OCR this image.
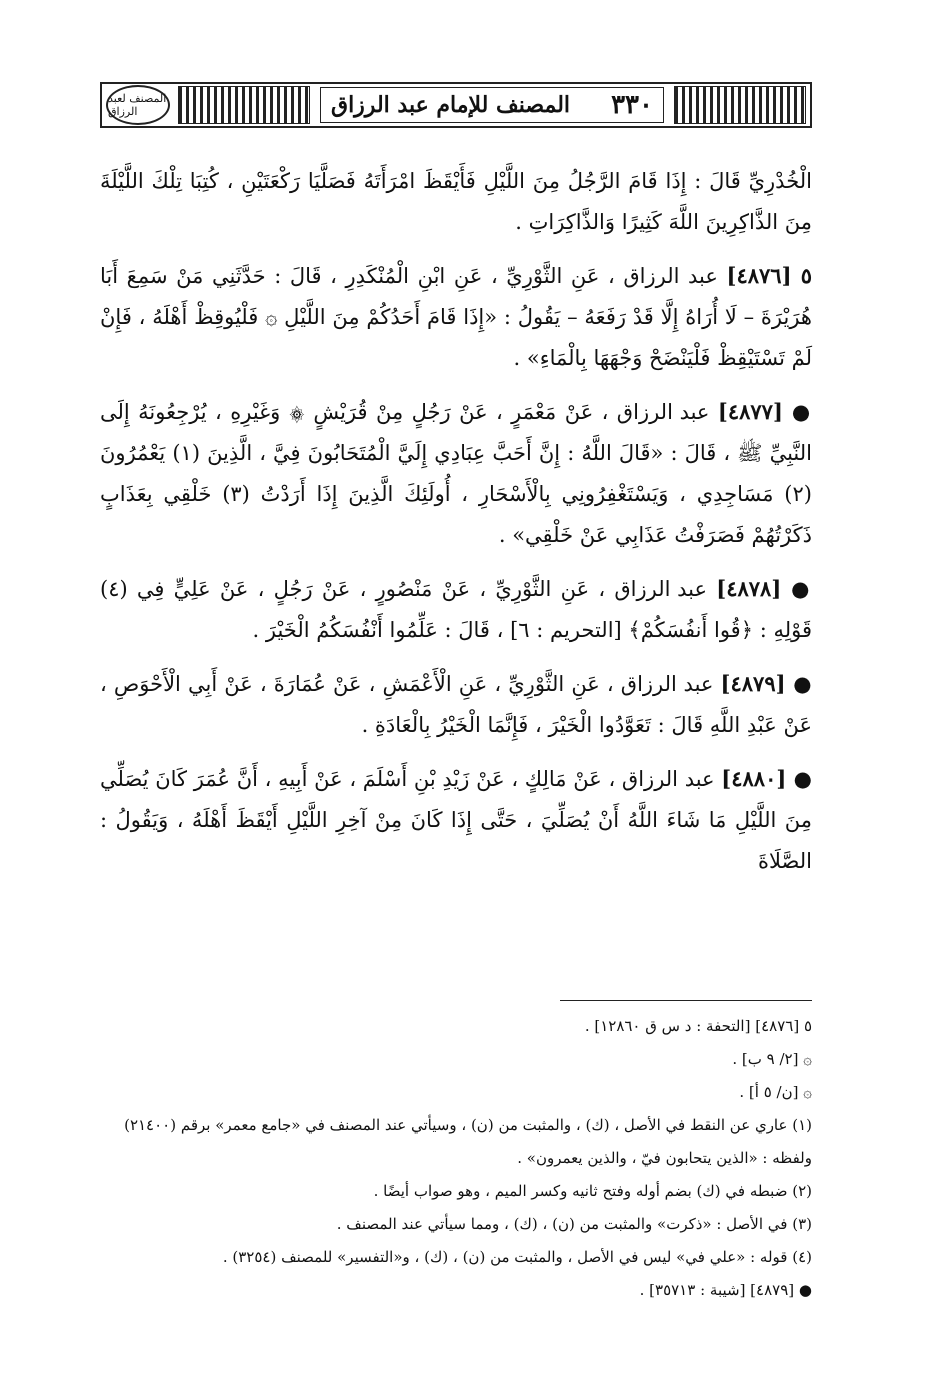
المصنف لعبد الرزاق	المصنف للإمام عبد الرزاق ٣٣٠

الْخُدْرِيِّ قَالَ : إِذَا قَامَ الرَّجُلُ مِنَ اللَّيْلِ فَأَيْقَظَ امْرَأَتَهُ فَصَلَّيَا رَكْعَتَيْنِ ، كُتِبَا تِلْكَ اللَّيْلَةَ مِنَ الذَّاكِرِينَ اللَّهَ كَثِيرًا وَالذَّاكِرَاتِ .

٥ [٤٨٧٦] عبد الرزاق ، عَنِ الثَّوْرِيِّ ، عَنِ ابْنِ الْمُنْكَدِرِ ، قَالَ : حَدَّثَنِي مَنْ سَمِعَ أَبَا هُرَيْرَةَ – لَا أُرَاهُ إِلَّا قَدْ رَفَعَهُ – يَقُولُ : «إِذَا قَامَ أَحَدُكُمْ مِنَ اللَّيْلِ ۞ فَلْيُوقِظْ أَهْلَهُ ، فَإِنْ لَمْ تَسْتَيْقِظْ فَلْيَنْضَحْ وَجْهَهَا بِالْمَاءِ» .

● [٤٨٧٧] عبد الرزاق ، عَنْ مَعْمَرٍ ، عَنْ رَجُلٍ مِنْ قُرَيْشٍ ۞ وَغَيْرِهِ ، يُرْجِعُونَهُ إِلَى النَّبِيِّ ﷺ ، قَالَ : «قَالَ اللَّهُ : إِنَّ أَحَبَّ عِبَادِي إِلَيَّ الْمُتَحَابُونَ فِيَّ ، الَّذِينَ (١) يَعْمُرُونَ (٢) مَسَاجِدِي ، وَيَسْتَغْفِرُونِي بِالْأَسْحَارِ ، أُولَئِكَ الَّذِينَ إِذَا أَرَدْتُ (٣) خَلْقِي بِعَذَابٍ ذَكَرْتُهُمْ فَصَرَفْتُ عَذَابِي عَنْ خَلْقِي» .

● [٤٨٧٨] عبد الرزاق ، عَنِ الثَّوْرِيِّ ، عَنْ مَنْصُورٍ ، عَنْ رَجُلٍ ، عَنْ عَلِيٍّ فِي (٤) قَوْلِهِ : ﴿قُوا أَنفُسَكُمْ﴾ [التحريم : ٦] ، قَالَ : عَلِّمُوا أَنْفُسَكُمُ الْخَيْرَ .

● [٤٨٧٩] عبد الرزاق ، عَنِ الثَّوْرِيِّ ، عَنِ الْأَعْمَشِ ، عَنْ عُمَارَةَ ، عَنْ أَبِي الْأَحْوَصِ ، عَنْ عَبْدِ اللَّهِ قَالَ : تَعَوَّدُوا الْخَيْرَ ، فَإِنَّمَا الْخَيْرُ بِالْعَادَةِ .

● [٤٨٨٠] عبد الرزاق ، عَنْ مَالِكٍ ، عَنْ زَيْدِ بْنِ أَسْلَمَ ، عَنْ أَبِيهِ ، أَنَّ عُمَرَ كَانَ يُصَلِّي مِنَ اللَّيْلِ مَا شَاءَ اللَّهُ أَنْ يُصَلِّيَ ، حَتَّى إِذَا كَانَ مِنْ آخِرِ اللَّيْلِ أَيْقَظَ أَهْلَهُ ، وَيَقُولُ : الصَّلَاةَ

٥ [٤٨٧٦] [التحفة : د س ق ١٢٨٦٠] .

۞ [٢/ ٩ ب] .

۞ [ن/ ٥ أ] .

(١) عاري عن النقط في الأصل ، (ك) ، والمثبت من (ن) ، وسيأتي عند المصنف في «جامع معمر» برقم (٢١٤٠٠) ولفظه : «الذين يتحابون فيّ ، والذين يعمرون» .

(٢) ضبطه في (ك) بضم أوله وفتح ثانيه وكسر الميم ، وهو صواب أيضًا .

(٣) في الأصل : «ذكرت» والمثبت من (ن) ، (ك) ، ومما سيأتي عند المصنف .

(٤) قوله : «علي في» ليس في الأصل ، والمثبت من (ن) ، (ك) ، و«التفسير» للمصنف (٣٢٥٤) .

● [٤٨٧٩] [شيبة : ٣٥٧١٣] .
